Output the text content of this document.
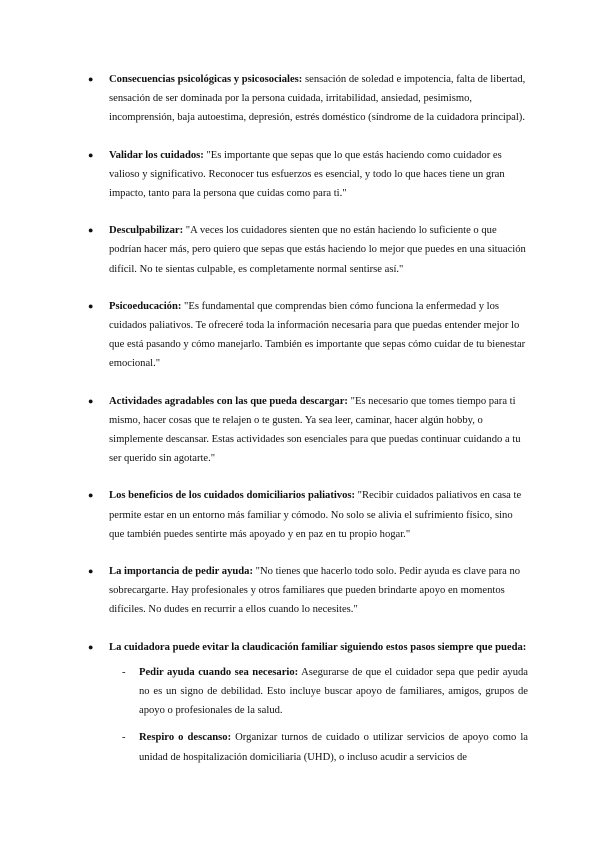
● Consecuencias psicológicas y psicosociales: sensación de soledad e impotencia, falta de libertad, sensación de ser dominada por la persona cuidada, irritabilidad, ansiedad, pesimismo, incomprensión, baja autoestima, depresión, estrés doméstico (síndrome de la cuidadora principal).
● Validar los cuidados: "Es importante que sepas que lo que estás haciendo como cuidador es valioso y significativo. Reconocer tus esfuerzos es esencial, y todo lo que haces tiene un gran impacto, tanto para la persona que cuidas como para ti."
● Desculpabilizar: "A veces los cuidadores sienten que no están haciendo lo suficiente o que podrían hacer más, pero quiero que sepas que estás haciendo lo mejor que puedes en una situación difícil. No te sientas culpable, es completamente normal sentirse así."
● Psicoeducación: "Es fundamental que comprendas bien cómo funciona la enfermedad y los cuidados paliativos. Te ofreceré toda la información necesaria para que puedas entender mejor lo que está pasando y cómo manejarlo. También es importante que sepas cómo cuidar de tu bienestar emocional."
● Actividades agradables con las que pueda descargar: "Es necesario que tomes tiempo para ti mismo, hacer cosas que te relajen o te gusten. Ya sea leer, caminar, hacer algún hobby, o simplemente descansar. Estas actividades son esenciales para que puedas continuar cuidando a tu ser querido sin agotarte."
● Los beneficios de los cuidados domiciliarios paliativos: "Recibir cuidados paliativos en casa te permite estar en un entorno más familiar y cómodo. No solo se alivia el sufrimiento físico, sino que también puedes sentirte más apoyado y en paz en tu propio hogar."
● La importancia de pedir ayuda: "No tienes que hacerlo todo solo. Pedir ayuda es clave para no sobrecargarte. Hay profesionales y otros familiares que pueden brindarte apoyo en momentos difíciles. No dudes en recurrir a ellos cuando lo necesites."
● La cuidadora puede evitar la claudicación familiar siguiendo estos pasos siempre que pueda:
- Pedir ayuda cuando sea necesario: Asegurarse de que el cuidador sepa que pedir ayuda no es un signo de debilidad. Esto incluye buscar apoyo de familiares, amigos, grupos de apoyo o profesionales de la salud.
- Respiro o descanso: Organizar turnos de cuidado o utilizar servicios de apoyo como la unidad de hospitalización domiciliaria (UHD), o incluso acudir a servicios de
